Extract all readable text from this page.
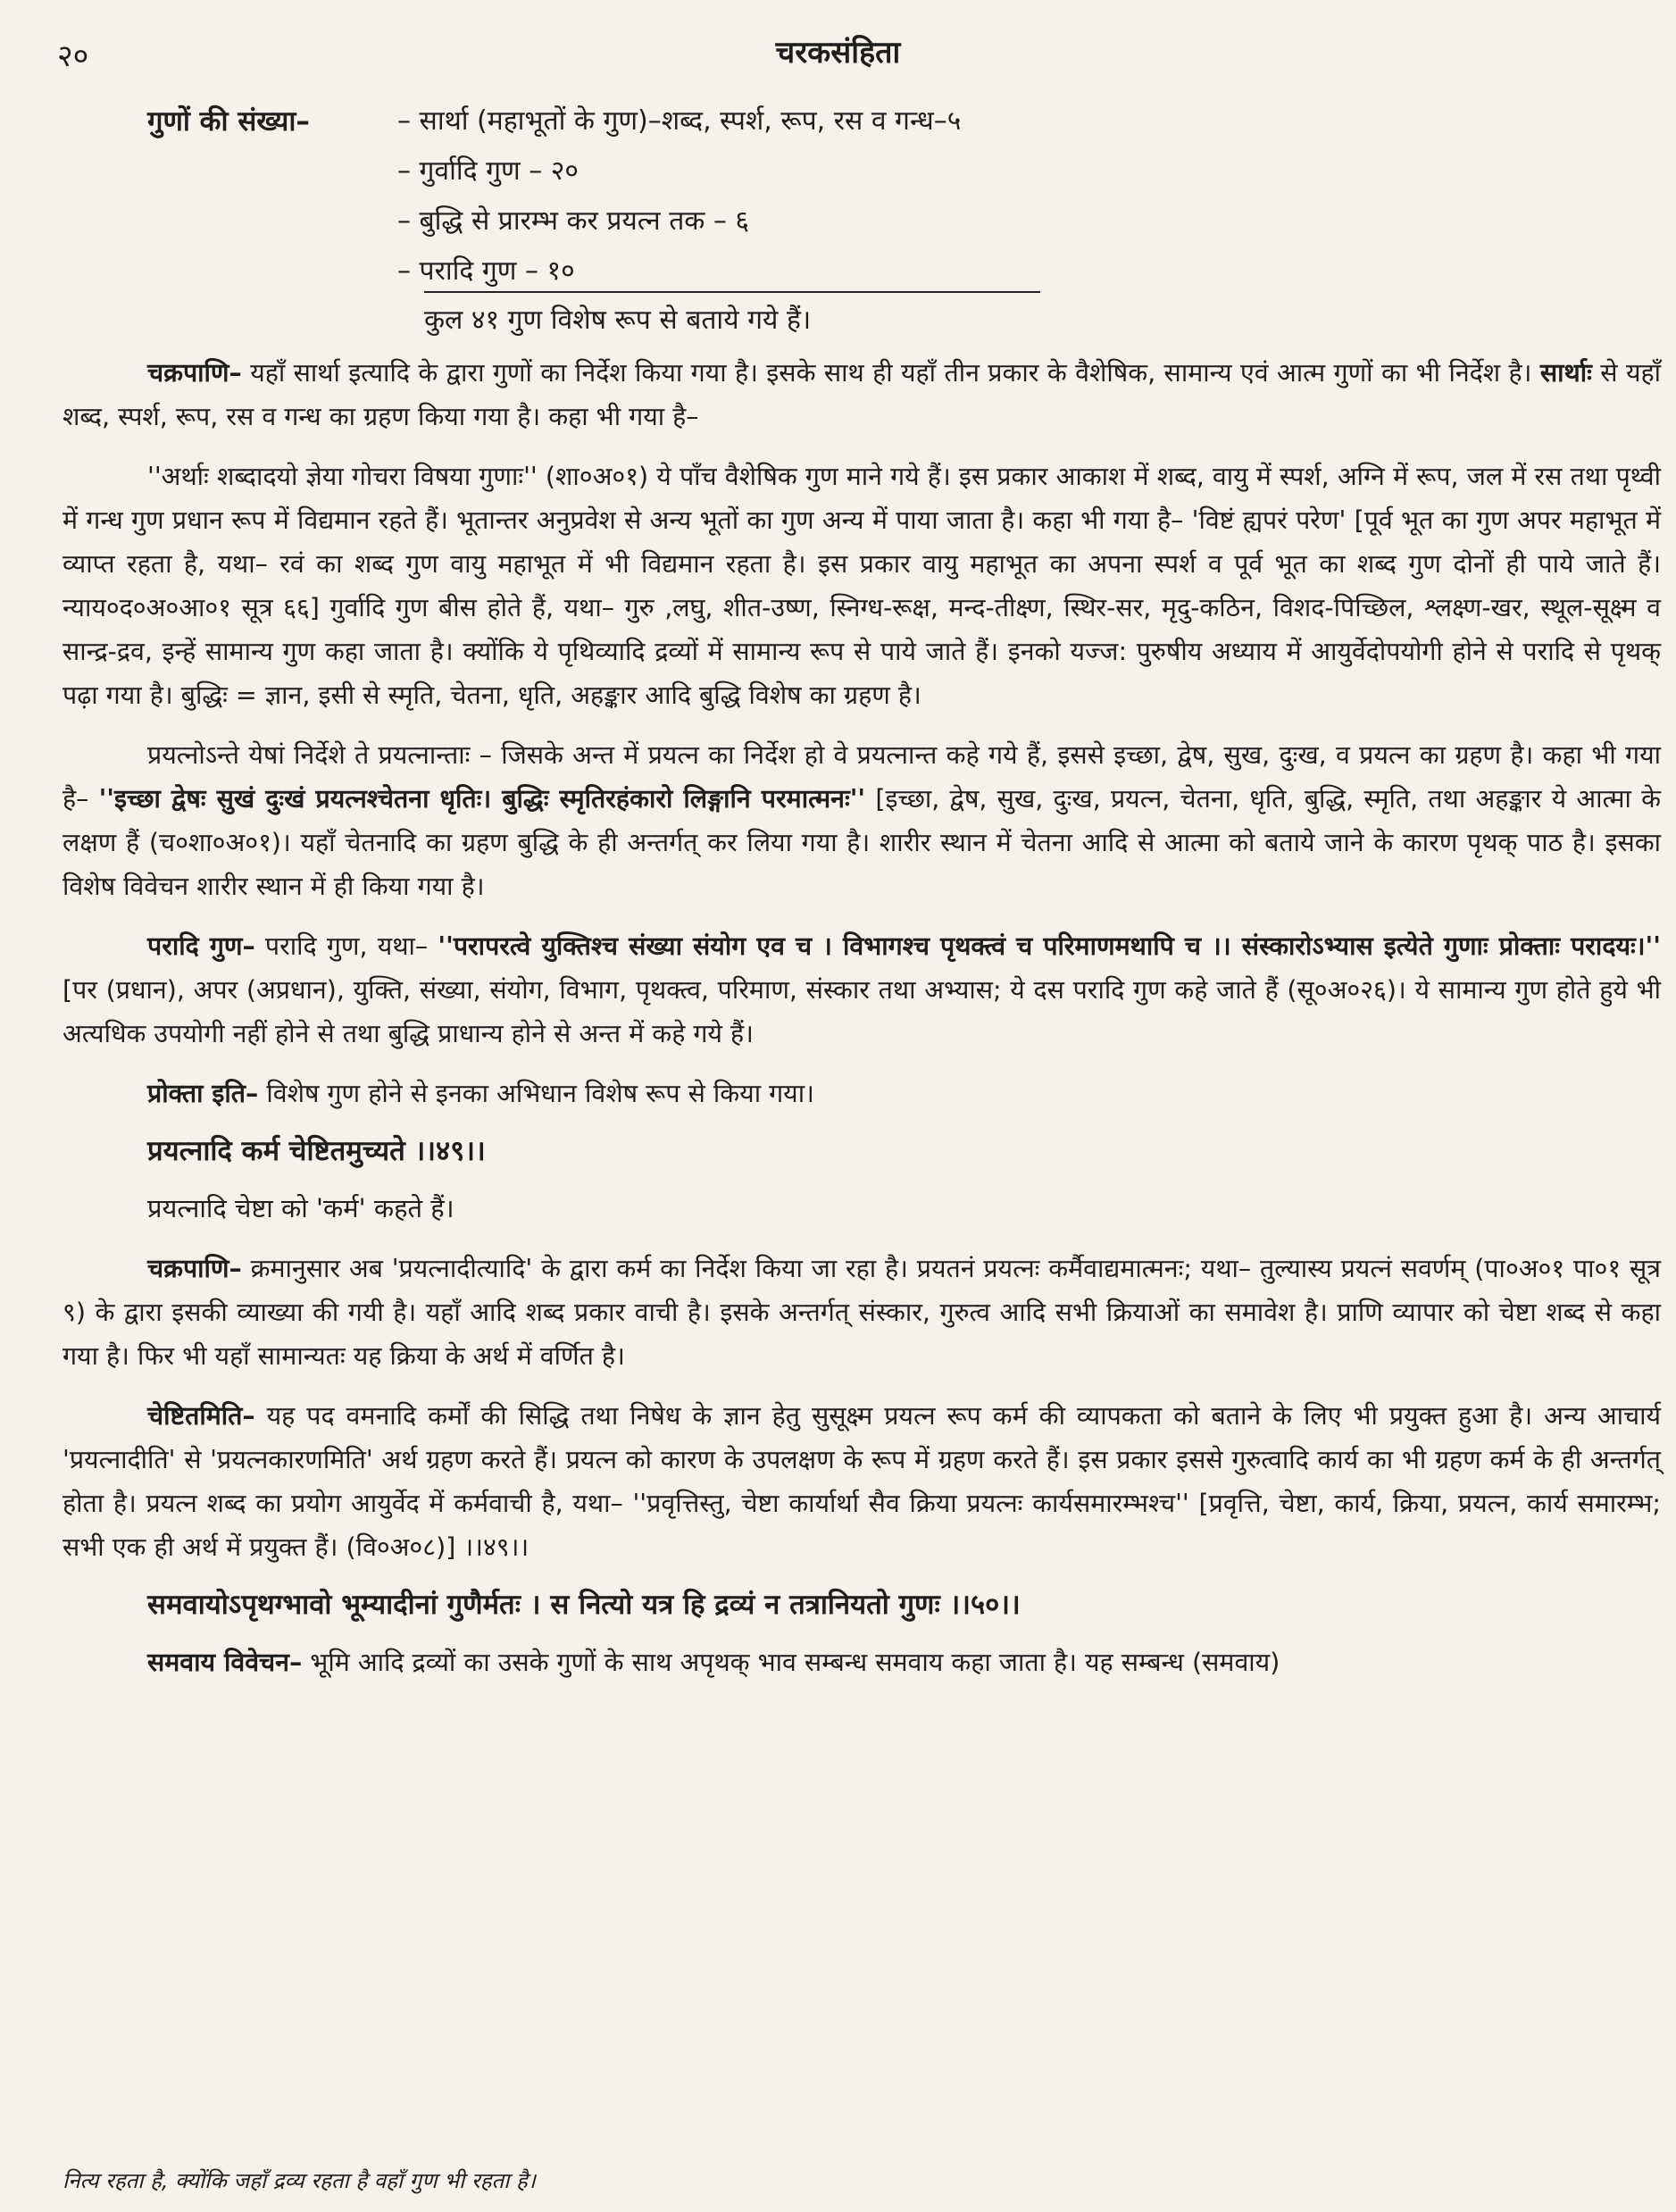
२०	चरकसंहिता
गुणों की संख्या–	– सार्था (महाभूतों के गुण)–शब्द, स्पर्श, रूप, रस व गन्ध–५
– गुर्वादि गुण – २०
– बुद्धि से प्रारम्भ कर प्रयत्न तक – ६
– परादि गुण – १०
कुल ४१ गुण विशेष रूप से बताये गये हैं।

चक्रपाणि– यहाँ सार्था इत्यादि के द्वारा गुणों का निर्देश किया गया है। इसके साथ ही यहाँ तीन प्रकार के वैशेषिक, सामान्य एवं आत्म गुणों का भी निर्देश है। सार्थाः से यहाँ शब्द, स्पर्श, रूप, रस व गन्ध का ग्रहण किया गया है। कहा भी गया है–

''अर्थाः शब्दादयो ज्ञेया गोचरा विषया गुणाः'' (शा०अ०१) ये पाँच वैशेषिक गुण माने गये हैं। इस प्रकार आकाश में शब्द, वायु में स्पर्श, अग्नि में रूप, जल में रस तथा पृथ्वी में गन्ध गुण प्रधान रूप में विद्यमान रहते हैं। भूतान्तर अनुप्रवेश से अन्य भूतों का गुण अन्य में पाया जाता है। कहा भी गया है– 'विष्टं ह्यपरं परेण' [पूर्व भूत का गुण अपर महाभूत में व्याप्त रहता है, यथा– रवं का शब्द गुण वायु महाभूत में भी विद्यमान रहता है। इस प्रकार वायु महाभूत का अपना स्पर्श व पूर्व भूत का शब्द गुण दोनों ही पाये जाते हैं। न्याय०द०अ०आ०१ सूत्र ६६] गुर्वादि गुण बीस होते हैं, यथा– गुरु ,लघु, शीत-उष्ण, स्निग्ध-रूक्ष, मन्द-तीक्ष्ण, स्थिर-सर, मृदु-कठिन, विशद-पिच्छिल, श्लक्ष्ण-खर, स्थूल-सूक्ष्म व सान्द्र-द्रव, इन्हें सामान्य गुण कहा जाता है। क्योंकि ये पृथिव्यादि द्रव्यों में सामान्य रूप से पाये जाते हैं। इनको यज्ज: पुरुषीय अध्याय में आयुर्वेदोपयोगी होने से परादि से पृथक् पढ़ा गया है। बुद्धिः = ज्ञान, इसी से स्मृति, चेतना, धृति, अहङ्कार आदि बुद्धि विशेष का ग्रहण है।

प्रयत्नोऽन्ते येषां निर्देशे ते प्रयत्नान्ताः – जिसके अन्त में प्रयत्न का निर्देश हो वे प्रयत्नान्त कहे गये हैं, इससे इच्छा, द्वेष, सुख, दुःख, व प्रयत्न का ग्रहण है। कहा भी गया है– ''इच्छा द्वेषः सुखं दुःखं प्रयत्नश्चेतना धृतिः। बुद्धिः स्मृतिरहंकारो लिङ्गानि परमात्मनः'' [इच्छा, द्वेष, सुख, दुःख, प्रयत्न, चेतना, धृति, बुद्धि, स्मृति, तथा अहङ्कार ये आत्मा के लक्षण हैं (च०शा०अ०१)। यहाँ चेतनादि का ग्रहण बुद्धि के ही अन्तर्गत् कर लिया गया है। शारीर स्थान में चेतना आदि से आत्मा को बताये जाने के कारण पृथक् पाठ है। इसका विशेष विवेचन शारीर स्थान में ही किया गया है।

परादि गुण– परादि गुण, यथा– ''परापरत्वे युक्तिश्च संख्या संयोग एव च । विभागश्च पृथक्त्वं च परिमाणमथापि च ।। संस्कारोऽभ्यास इत्येते गुणाः प्रोक्ताः परादयः।'' [पर (प्रधान), अपर (अप्रधान), युक्ति, संख्या, संयोग, विभाग, पृथक्त्व, परिमाण, संस्कार तथा अभ्यास; ये दस परादि गुण कहे जाते हैं (सू०अ०२६)। ये सामान्य गुण होते हुये भी अत्यधिक उपयोगी नहीं होने से तथा बुद्धि प्राधान्य होने से अन्त में कहे गये हैं।

प्रोक्ता इति– विशेष गुण होने से इनका अभिधान विशेष रूप से किया गया।

प्रयत्नादि कर्म चेष्टितमुच्यते ।।४९।।
प्रयत्नादि चेष्टा को 'कर्म' कहते हैं।

चक्रपाणि– क्रमानुसार अब 'प्रयत्नादीत्यादि' के द्वारा कर्म का निर्देश किया जा रहा है। प्रयतनं प्रयत्नः कर्मैवाद्यमात्मनः; यथा– तुल्यास्य प्रयत्नं सवर्णम् (पा०अ०१ पा०१ सूत्र ९) के द्वारा इसकी व्याख्या की गयी है। यहाँ आदि शब्द प्रकार वाची है। इसके अन्तर्गत् संस्कार, गुरुत्व आदि सभी क्रियाओं का समावेश है। प्राणि व्यापार को चेष्टा शब्द से कहा गया है। फिर भी यहाँ सामान्यतः यह क्रिया के अर्थ में वर्णित है।

चेष्टितमिति– यह पद वमनादि कर्मों की सिद्धि तथा निषेध के ज्ञान हेतु सुसूक्ष्म प्रयत्न रूप कर्म की व्यापकता को बताने के लिए भी प्रयुक्त हुआ है। अन्य आचार्य 'प्रयत्नादीति' से 'प्रयत्नकारणमिति' अर्थ ग्रहण करते हैं। प्रयत्न को कारण के उपलक्षण के रूप में ग्रहण करते हैं। इस प्रकार इससे गुरुत्वादि कार्य का भी ग्रहण कर्म के ही अन्तर्गत् होता है। प्रयत्न शब्द का प्रयोग आयुर्वेद में कर्मवाची है, यथा– ''प्रवृत्तिस्तु, चेष्टा कार्यार्था सैव क्रिया प्रयत्नः कार्यसमारम्भश्च'' [प्रवृत्ति, चेष्टा, कार्य, क्रिया, प्रयत्न, कार्य समारम्भ; सभी एक ही अर्थ में प्रयुक्त हैं। (वि०अ०८)] ।।४९।।

समवायोऽपृथग्भावो भूम्यादीनां गुणैर्मतः । स नित्यो यत्र हि द्रव्यं न तत्रानियतो गुणः ।।५०।।

समवाय विवेचन– भूमि आदि द्रव्यों का उसके गुणों के साथ अपृथक् भाव सम्बन्ध समवाय कहा जाता है। यह सम्बन्ध (समवाय)

नित्य रहता है, क्योंकि जहाँ द्रव्य रहता है वहाँ गुण भी रहता है।
